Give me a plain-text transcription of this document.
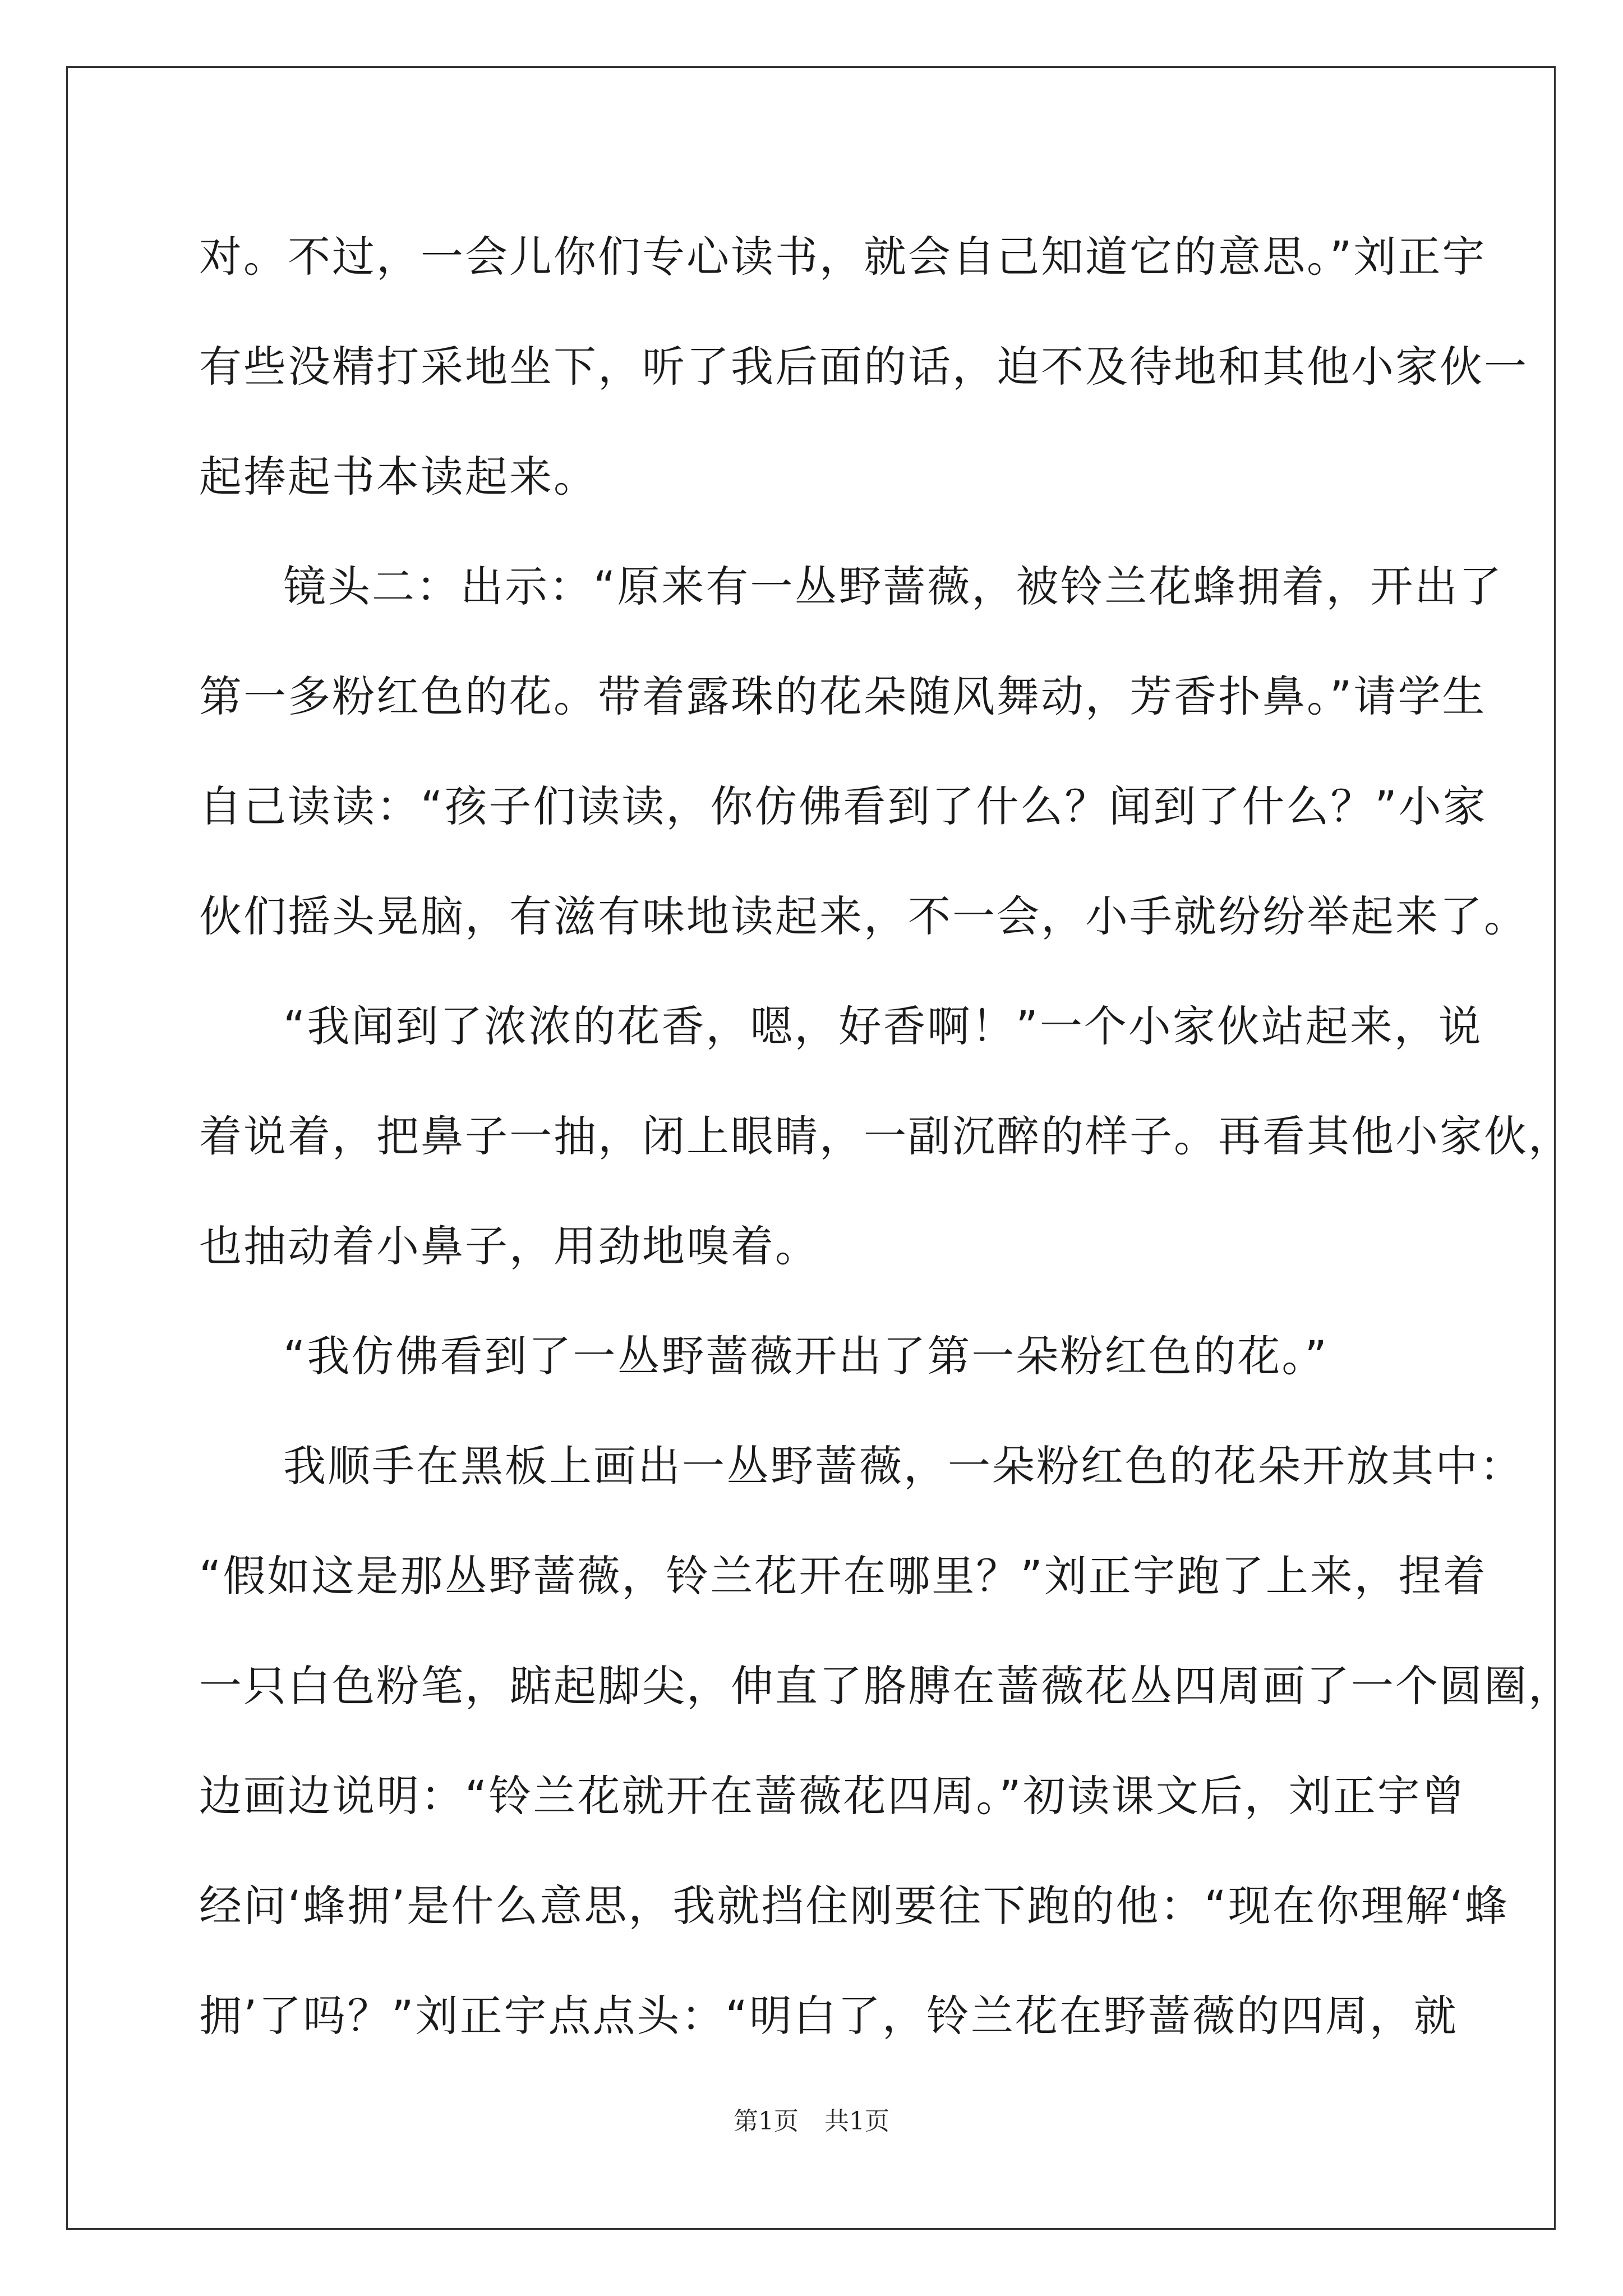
对。不过，一会儿你们专心读书，就会自己知道它的意思。”刘正宇
有些没精打采地坐下，听了我后面的话，迫不及待地和其他小家伙一
起捧起书本读起来。
镜头二：出示：“原来有一丛野蔷薇，被铃兰花蜂拥着，开出了
第一多粉红色的花。带着露珠的花朵随风舞动，芳香扑鼻。”请学生
自己读读：“孩子们读读，你仿佛看到了什么？闻到了什么？”小家
伙们摇头晃脑，有滋有味地读起来，不一会，小手就纷纷举起来了。
“我闻到了浓浓的花香，嗯，好香啊！”一个小家伙站起来，说
着说着，把鼻子一抽，闭上眼睛，一副沉醉的样子。再看其他小家伙，
也抽动着小鼻子，用劲地嗅着。
“我仿佛看到了一丛野蔷薇开出了第一朵粉红色的花。”
我顺手在黑板上画出一丛野蔷薇，一朵粉红色的花朵开放其中：
“假如这是那丛野蔷薇，铃兰花开在哪里？”刘正宇跑了上来，捏着
一只白色粉笔，踮起脚尖，伸直了胳膊在蔷薇花丛四周画了一个圆圈，
边画边说明：“铃兰花就开在蔷薇花四周。”初读课文后，刘正宇曾
经问‘蜂拥’是什么意思，我就挡住刚要往下跑的他：“现在你理解‘蜂
拥’了吗？”刘正宇点点头：“明白了，铃兰花在野蔷薇的四周，就
第1页 共1页
